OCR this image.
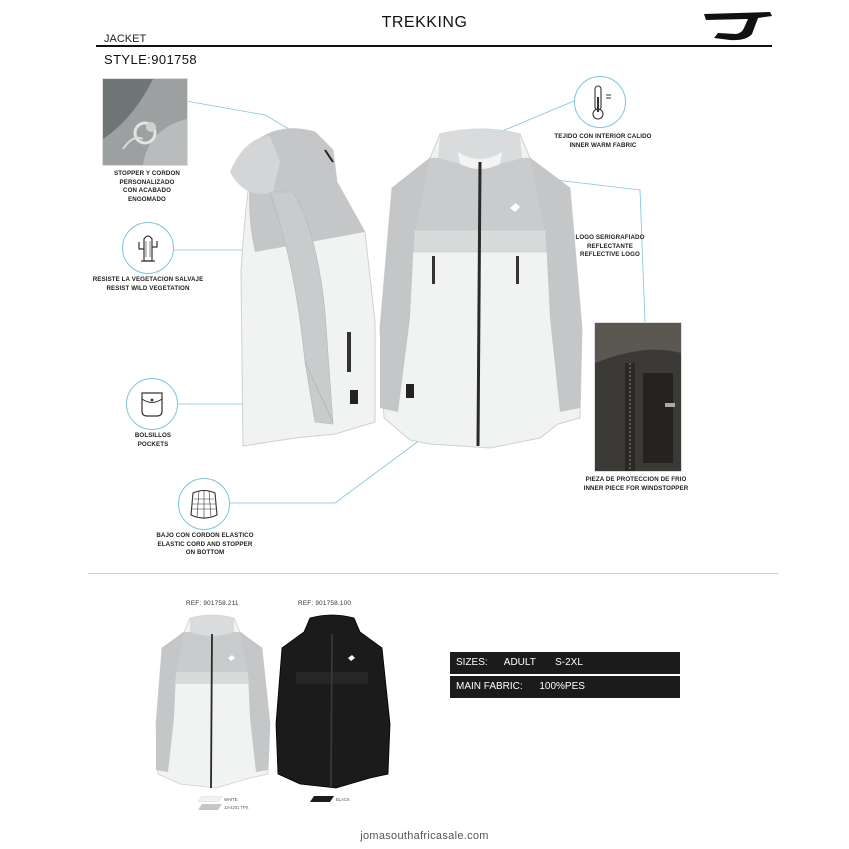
TREKKING
JACKET
STYLE:901758
STOPPER Y CORDON
PERSONALIZADO
CON ACABADO ENGOMADO
RESISTE LA VEGETACION SALVAJE
RESIST WILD VEGETATION
BOLSILLOS
POCKETS
BAJO CON CORDON ELASTICO
ELASTIC CORD AND STOPPER
ON BOTTOM
TEJIDO CON INTERIOR CALIDO
INNER WARM FABRIC
LOGO SERIGRAFIADO
REFLECTANTE
REFLECTIVE LOGO
PIEZA DE PROTECCION DE FRIO
INNER PIECE FOR WINDSTOPPER
REF: 901758.211	REF: 901758.100
WHITE
13-4201 TPX
BLACK
SIZES:      ADULT       S-2XL
MAIN FABRIC:      100%PES
jomasouthafricasale.com
